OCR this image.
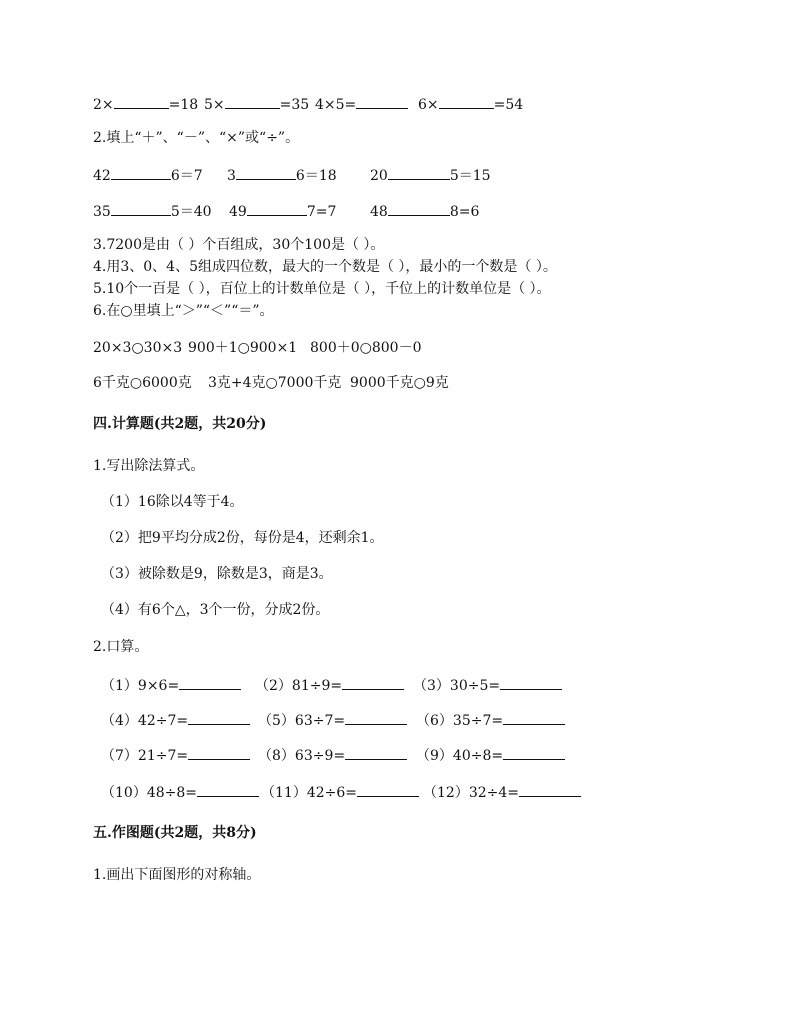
2×	=18 5×	=35 4×5=	6×	=54
2.填上“＋”、“－”、“×”或“÷”。
42	6＝7 3	6＝18 20	5＝15
35	5＝40 49	7=7 48	8=6
3.7200是由（ ）个百组成，30个100是（ ）。
4.用3、0、4、5组成四位数，最大的一个数是（ ），最小的一个数是（ ）。
5.10个一百是（ ），百位上的计数单位是（ ），千位上的计数单位是（ ）。
6.在○里填上“＞”“＜”“＝”。
20×3○30×3 900＋1○900×1 800＋0○800－0
6千克○6000克 3克+4克○7000千克 9000千克○9克
四.计算题(共2题，共20分)
1.写出除法算式。
（1）16除以4等于4。
（2）把9平均分成2份，每份是4，还剩余1。
（3）被除数是9，除数是3，商是3。
（4）有6个△，3个一份，分成2份。
2.口算。
（1）9×6=	（2）81÷9=	（3）30÷5=
（4）42÷7=	（5）63÷7=	（6）35÷7=
（7）21÷7=	（8）63÷9=	（9）40÷8=
（10）48÷8=	（11）42÷6=	（12）32÷4=
五.作图题(共2题，共8分)
1.画出下面图形的对称轴。
